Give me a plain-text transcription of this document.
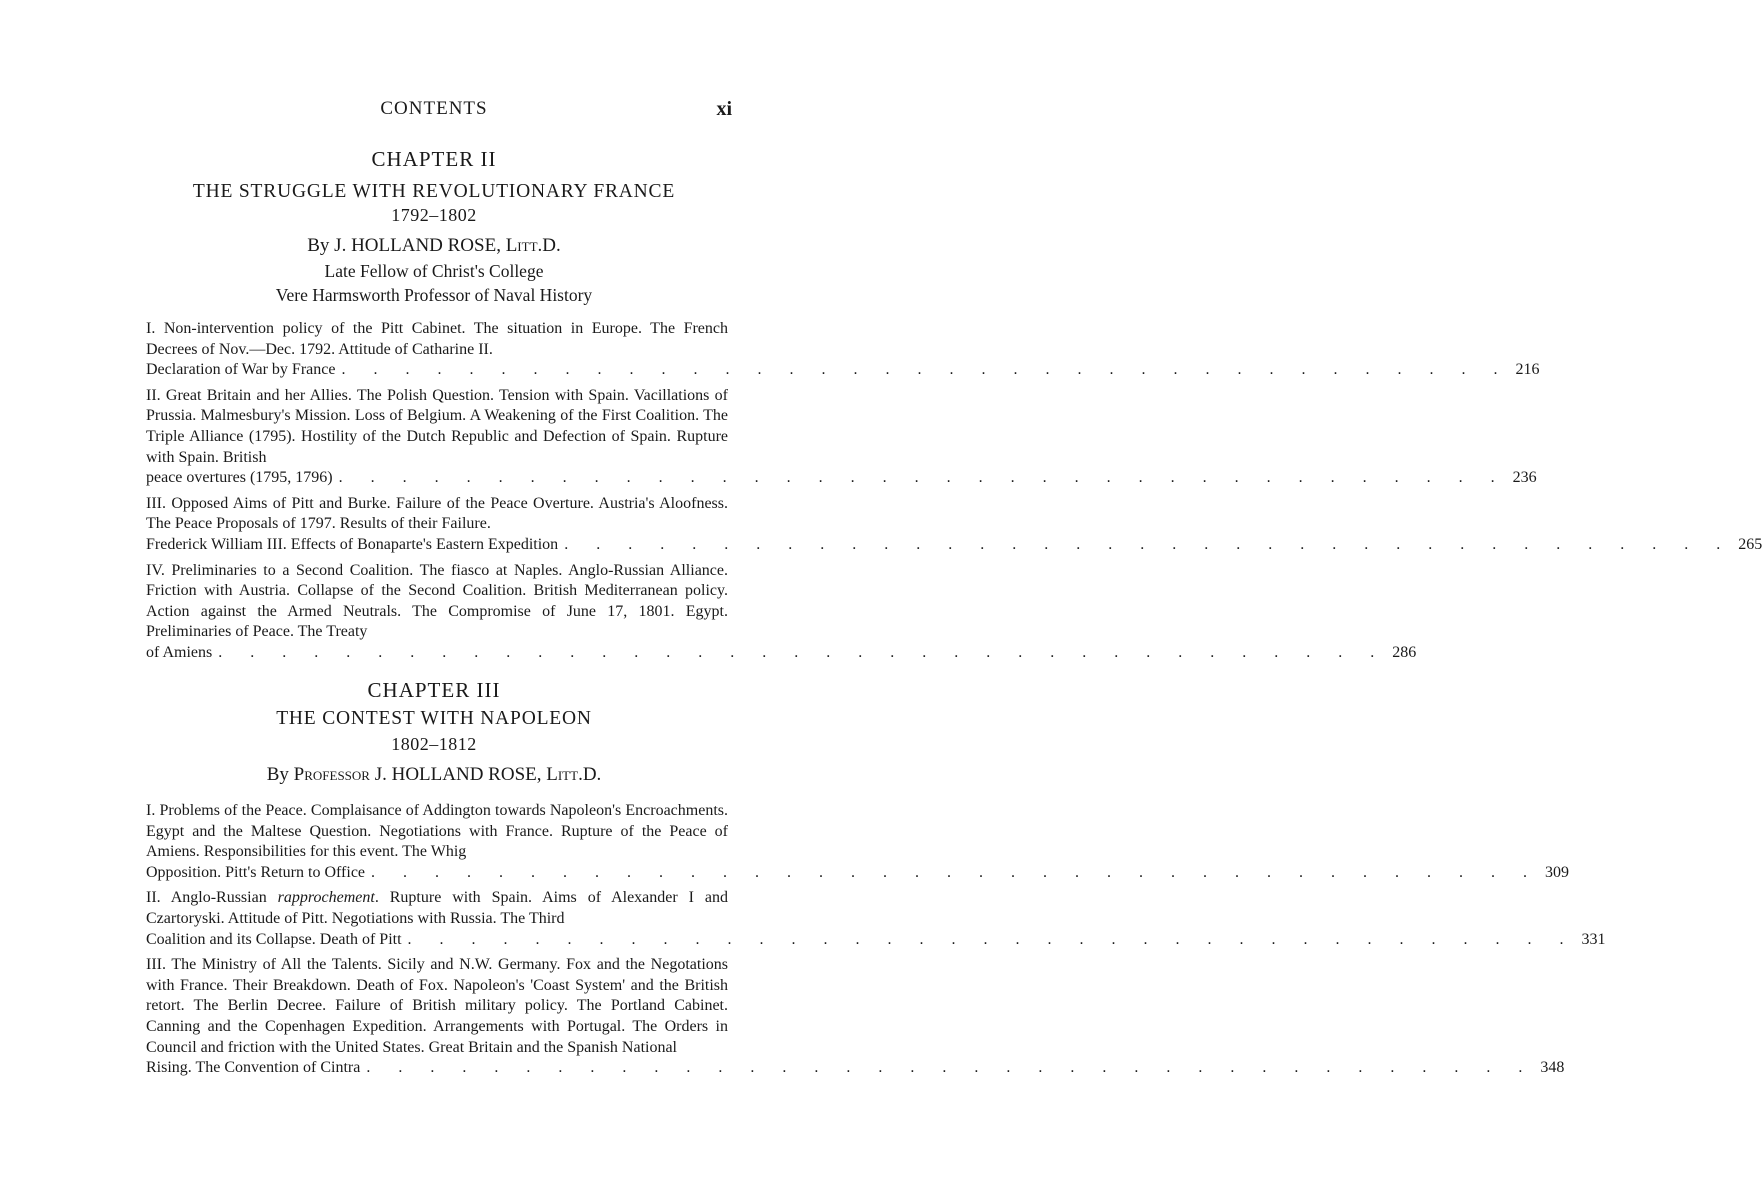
CONTENTS	xi
CHAPTER II
THE STRUGGLE WITH REVOLUTIONARY FRANCE
1792–1802
By J. HOLLAND ROSE, Litt.D.
Late Fellow of Christ's College
Vere Harmsworth Professor of Naval History
I. Non-intervention policy of the Pitt Cabinet. The situation in Europe. The French Decrees of Nov.—Dec. 1792. Attitude of Catharine II.
Declaration of War by France . . . . . . . . . . . . . . . . . . . . . . . . . . . . . . . . . . . . . 216
II. Great Britain and her Allies. The Polish Question. Tension with Spain. Vacillations of Prussia. Malmesbury's Mission. Loss of Belgium. A Weakening of the First Coalition. The Triple Alliance (1795). Hostility of the Dutch Republic and Defection of Spain. Rupture with Spain. British
peace overtures (1795, 1796) . . . . . . . . . . . . . . . . . . . . . . . . . . . . . . . . . . . . . 236
III. Opposed Aims of Pitt and Burke. Failure of the Peace Overture. Austria's Aloofness. The Peace Proposals of 1797. Results of their Failure.
Frederick William III. Effects of Bonaparte's Eastern Expedition . . . . . . . . . . . . . . . . . . . . . . . . . . . . . . . . . . . . . 265
IV. Preliminaries to a Second Coalition. The fiasco at Naples. Anglo-Russian Alliance. Friction with Austria. Collapse of the Second Coalition. British Mediterranean policy. Action against the Armed Neutrals. The Compromise of June 17, 1801. Egypt. Preliminaries of Peace. The Treaty
of Amiens . . . . . . . . . . . . . . . . . . . . . . . . . . . . . . . . . . . . . 286
CHAPTER III
THE CONTEST WITH NAPOLEON
1802–1812
By Professor J. HOLLAND ROSE, Litt.D.
I. Problems of the Peace. Complaisance of Addington towards Napoleon's Encroachments. Egypt and the Maltese Question. Negotiations with France. Rupture of the Peace of Amiens. Responsibilities for this event. The Whig
Opposition. Pitt's Return to Office . . . . . . . . . . . . . . . . . . . . . . . . . . . . . . . . . . . . . 309
II. Anglo-Russian rapprochement. Rupture with Spain. Aims of Alexander I and Czartoryski. Attitude of Pitt. Negotiations with Russia. The Third
Coalition and its Collapse. Death of Pitt . . . . . . . . . . . . . . . . . . . . . . . . . . . . . . . . . . . . . 331
III. The Ministry of All the Talents. Sicily and N.W. Germany. Fox and the Negotations with France. Their Breakdown. Death of Fox. Napoleon's 'Coast System' and the British retort. The Berlin Decree. Failure of British military policy. The Portland Cabinet. Canning and the Copenhagen Expedition. Arrangements with Portugal. The Orders in Council and friction with the United States. Great Britain and the Spanish National
Rising. The Convention of Cintra . . . . . . . . . . . . . . . . . . . . . . . . . . . . . . . . . . . . . 348
